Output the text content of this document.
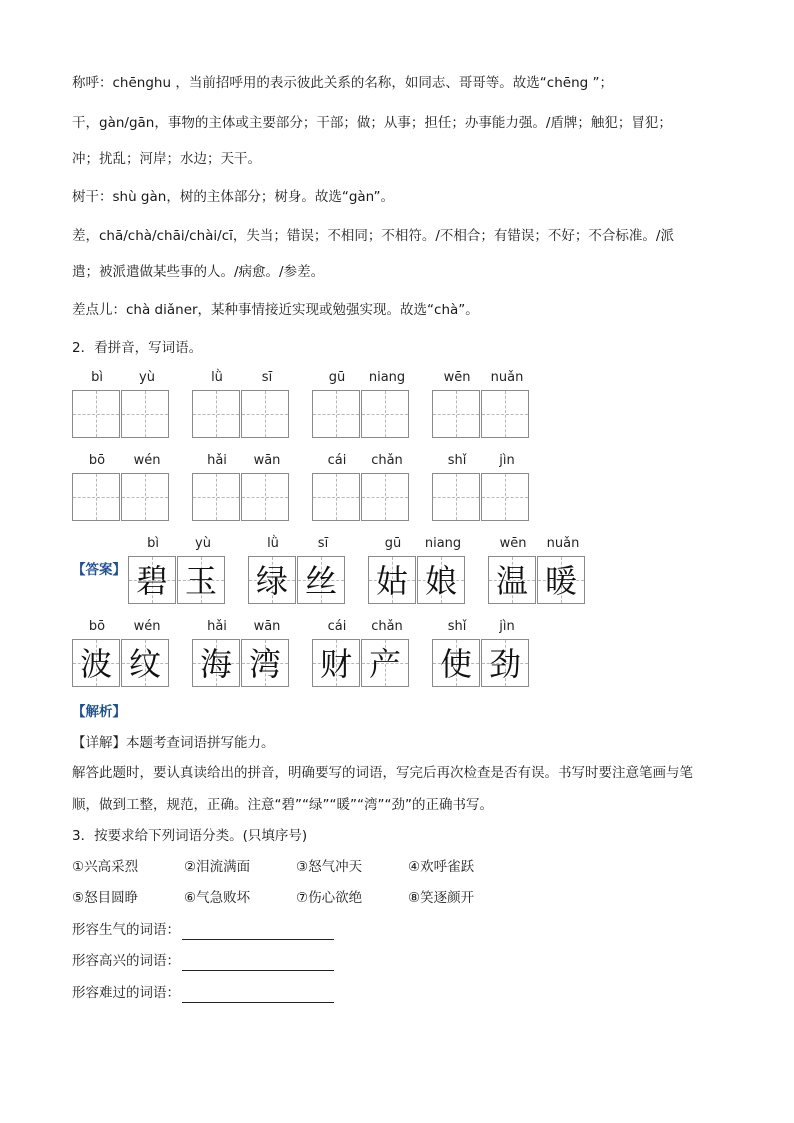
称呼：chēnghu ，当前招呼用的表示彼此关系的名称，如同志、哥哥等。故选“chēng ”；
干，gàn/gān，事物的主体或主要部分；干部；做；从事；担任；办事能力强。/盾牌；触犯；冒犯；
冲；扰乱；河岸；水边；天干。
树干：shù gàn，树的主体部分；树身。故选“gàn”。
差，chā/chà/chāi/chài/cī，失当；错误；不相同；不相符。/不相合；有错误；不好；不合标准。/派
遣；被派遣做某些事的人。/病愈。/参差。
差点儿：chà diǎner，某种事情接近实现或勉强实现。故选“chà”。
2．看拼音，写词语。
bì	yù	lǜ	sī	gū	niang	wēn	nuǎn
bō	wén	hǎi	wān	cái	chǎn	shǐ	jìn
【答案】
bì	yù
碧 玉
lǜ	sī
绿 丝
gū	niang
姑 娘
wēn	nuǎn
温 暖
bō	wén
波 纹
hǎi	wān
海 湾
cái	chǎn
财 产
shǐ	jìn
使 劲
【解析】
【详解】本题考查词语拼写能力。
解答此题时，要认真读给出的拼音，明确要写的词语，写完后再次检查是否有误。书写时要注意笔画与笔
顺，做到工整，规范，正确。注意“碧”“绿”“暖”“湾”“劲”的正确书写。
3．按要求给下列词语分类。(只填序号)
①兴高采烈	②泪流满面	③怒气冲天	④欢呼雀跃
⑤怒目圆睁	⑥气急败坏	⑦伤心欲绝	⑧笑逐颜开
形容生气的词语：
形容高兴的词语：
形容难过的词语：
